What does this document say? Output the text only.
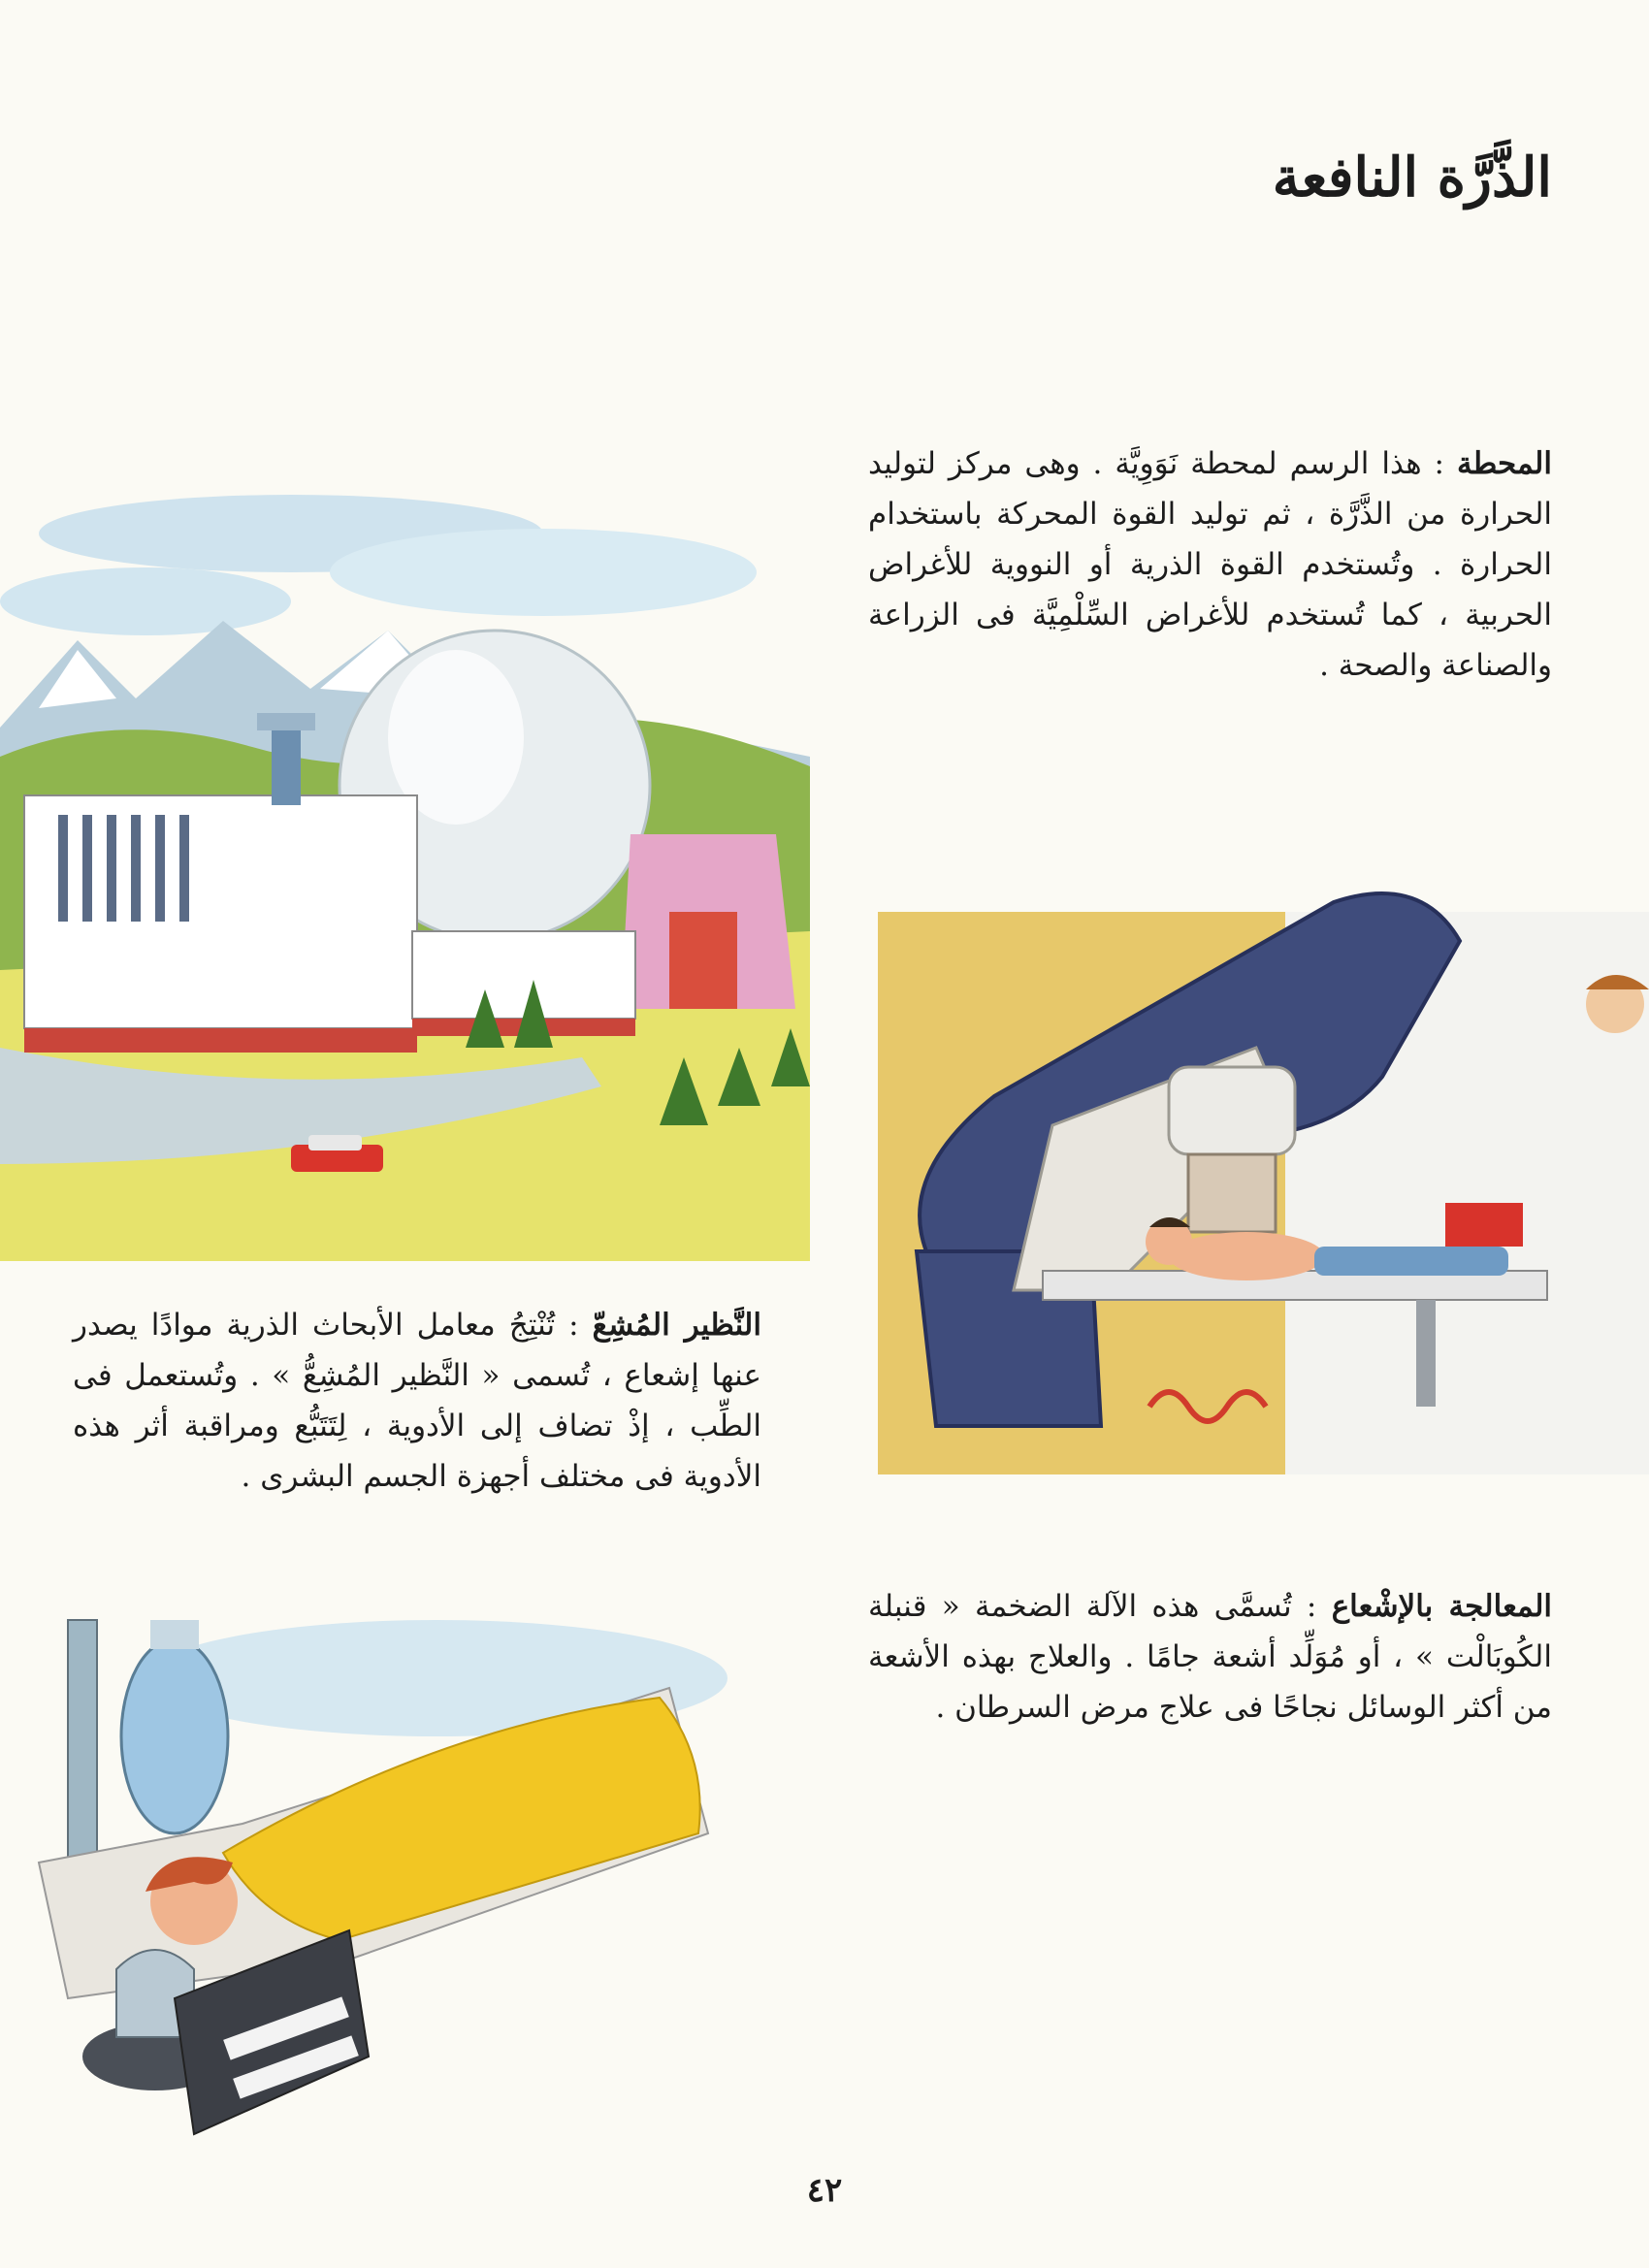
الذَّرَّة النافعة
المحطة : هذا الرسم لمحطة نَوَوِيَّة . وهى مركز لتوليد الحرارة من الذَّرَّة ، ثم توليد القوة المحركة باستخدام الحرارة . وتُستخدم القوة الذرية أو النووية للأغراض الحربية ، كما تُستخدم للأغراض السِّلْمِيَّة فى الزراعة والصناعة والصحة .
النَّظير المُشِعّ : تُنْتِجُ معامل الأبحاث الذرية موادًا يصدر عنها إشعاع ، تُسمى « النَّظير المُشِعُّ » . وتُستعمل فى الطِّب ، إذْ تضاف إلى الأدوية ، لِتَتَبُّع ومراقبة أثر هذه الأدوية فى مختلف أجهزة الجسم البشرى .
المعالجة بالإشْعاع : تُسمَّى هذه الآلة الضخمة « قنبلة الكُوبَالْت » ، أو مُوَلِّد أشعة جامًا . والعلاج بهذه الأشعة من أكثر الوسائل نجاحًا فى علاج مرض السرطان .
٤٢
